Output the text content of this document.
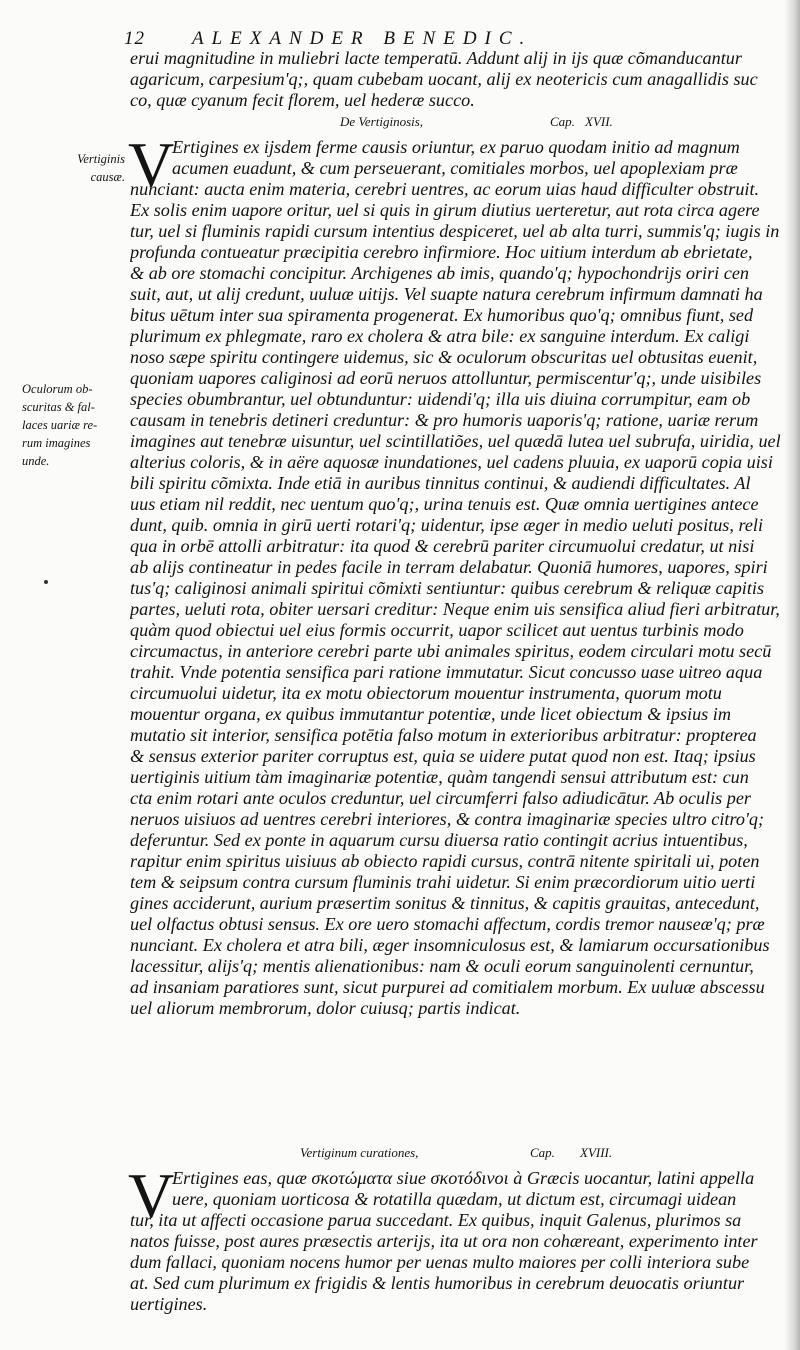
12 ALEXANDER BENEDIC.
erui magnitudine in muliebri lacte temperatū. Addunt alij in ijs quæ cõmanducantur
agaricum, carpesium'q;, quam cubebam uocant, alij ex neotericis cum anagallidis suc
co, quæ cyanum fecit florem, uel hederæ succo.
De Vertiginosis,	Cap. XVII.
V
Ertigines ex ijsdem ferme causis oriuntur, ex paruo quodam initio ad magnum
acumen euadunt, & cum perseuerant, comitiales morbos, uel apoplexiam præ
nunciant: aucta enim materia, cerebri uentres, ac eorum uias haud difficulter obstruit.
Ex solis enim uapore oritur, uel si quis in girum diutius uerteretur, aut rota circa agere
tur, uel si fluminis rapidi cursum intentius despiceret, uel ab alta turri, summis'q; iugis in
profunda contueatur præcipitia cerebro infirmiore. Hoc uitium interdum ab ebrietate,
& ab ore stomachi concipitur. Archigenes ab imis, quando'q; hypochondrijs oriri cen
suit, aut, ut alij credunt, uuluæ uitijs. Vel suapte natura cerebrum infirmum damnati ha
bitus uētum inter sua spiramenta progenerat. Ex humoribus quo'q; omnibus fiunt, sed
plurimum ex phlegmate, raro ex cholera & atra bile: ex sanguine interdum. Ex caligi
noso sæpe spiritu contingere uidemus, sic & oculorum obscuritas uel obtusitas euenit,
quoniam uapores caliginosi ad eorū neruos attolluntur, permiscentur'q;, unde uisibiles
species obumbrantur, uel obtunduntur: uidendi'q; illa uis diuina corrumpitur, eam ob
causam in tenebris detineri creduntur: & pro humoris uaporis'q; ratione, uariæ rerum
imagines aut tenebræ uisuntur, uel scintillatiões, uel quædā lutea uel subrufa, uiridia, uel
alterius coloris, & in aëre aquosæ inundationes, uel cadens pluuia, ex uaporū copia uisi
bili spiritu cõmixta. Inde etiā in auribus tinnitus continui, & audiendi difficultates. Al
uus etiam nil reddit, nec uentum quo'q;, urina tenuis est. Quæ omnia uertigines antece
dunt, quib. omnia in girū uerti rotari'q; uidentur, ipse æger in medio ueluti positus, reli
qua in orbē attolli arbitratur: ita quod & cerebrū pariter circumuolui credatur, ut nisi
ab alijs contineatur in pedes facile in terram delabatur. Quoniā humores, uapores, spiri
tus'q; caliginosi animali spiritui cõmixti sentiuntur: quibus cerebrum & reliquæ capitis
partes, ueluti rota, obiter uersari creditur: Neque enim uis sensifica aliud fieri arbitratur,
quàm quod obiectui uel eius formis occurrit, uapor scilicet aut uentus turbinis modo
circumactus, in anteriore cerebri parte ubi animales spiritus, eodem circulari motu secū
trahit. Vnde potentia sensifica pari ratione immutatur. Sicut concusso uase uitreo aqua
circumuolui uidetur, ita ex motu obiectorum mouentur instrumenta, quorum motu
mouentur organa, ex quibus immutantur potentiæ, unde licet obiectum & ipsius im
mutatio sit interior, sensifica potētia falso motum in exterioribus arbitratur: propterea
& sensus exterior pariter corruptus est, quia se uidere putat quod non est. Itaq; ipsius
uertiginis uitium tàm imaginariæ potentiæ, quàm tangendi sensui attributum est: cun
cta enim rotari ante oculos creduntur, uel circumferri falso adiudicātur. Ab oculis per
neruos uisiuos ad uentres cerebri interiores, & contra imaginariæ species ultro citro'q;
deferuntur. Sed ex ponte in aquarum cursu diuersa ratio contingit acrius intuentibus,
rapitur enim spiritus uisiuus ab obiecto rapidi cursus, contrā nitente spiritali ui, poten
tem & seipsum contra cursum fluminis trahi uidetur. Si enim præcordiorum uitio uerti
gines acciderunt, aurium præsertim sonitus & tinnitus, & capitis grauitas, antecedunt,
uel olfactus obtusi sensus. Ex ore uero stomachi affectum, cordis tremor nauseæ'q; præ
nunciant. Ex cholera et atra bili, æger insomniculosus est, & lamiarum occursationibus
lacessitur, alijs'q; mentis alienationibus: nam & oculi eorum sanguinolenti cernuntur,
ad insaniam paratiores sunt, sicut purpurei ad comitialem morbum. Ex uuluæ abscessu
uel aliorum membrorum, dolor cuiusq; partis indicat.
Vertiginum curationes,	Cap. XVIII.
V
Ertigines eas, quæ σκοτώματα siue σκοτόδινοι à Græcis uocantur, latini appella
uere, quoniam uorticosa & rotatilla quædam, ut dictum est, circumagi uidean
tur, ita ut affecti occasione parua succedant. Ex quibus, inquit Galenus, plurimos sa
natos fuisse, post aures præsectis arterijs, ita ut ora non cohæreant, experimento inter
dum fallaci, quoniam nocens humor per uenas multo maiores per colli interiora sube
at. Sed cum plurimum ex frigidis & lentis humoribus in cerebrum deuocatis oriuntur
uertigines.
Vertiginis
causæ.
Oculorum ob-
scuritas & fal-
laces uariæ re-
rum imagines
unde.
